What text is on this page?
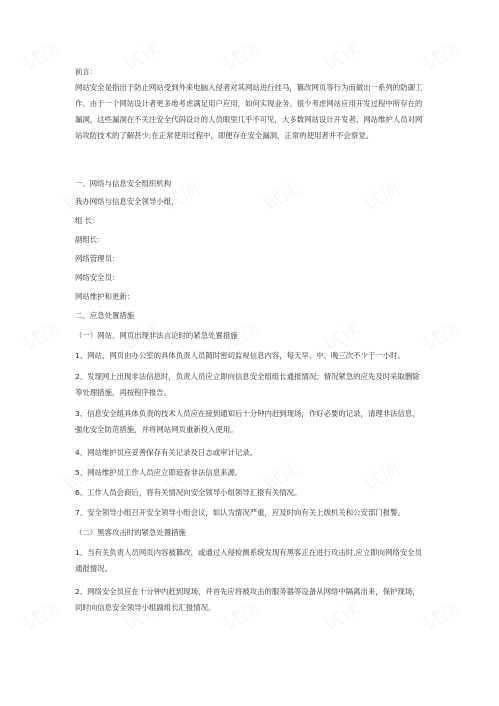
前言：
网站安全是指出于防止网站受到外来电脑入侵者对其网站进行挂马，篡改网页等行为而做出一系列的防御工作。由于一个网站设计者更多地考虑满足用户应用，如何实现业务。很少考虑网站应用开发过程中所存在的漏洞，这些漏洞在不关注安全代码设计的人员眼里几乎不可见，大多数网站设计开发者、网站维护人员对网站攻防技术的了解甚少;在正常使用过程中，即便存在安全漏洞，正常的使用者并不会察觉。
一、网络与信息安全组织机构
我办网络与信息安全领导小组，
组 长：
副组长：
网络管理员：
网络安全员：
网站维护和更新：
二、应急处置措施
（一）网站、网页出现非法言论时的紧急处置措施
1、网站、网页由办公室的具体负责人员随时密切监视信息内容，每天早、中、晚三次不少于一小时。
2、发现网上出现非法信息时，负责人员应立即向信息安全组组长通报情况；情况紧急的应先及时采取删除等处理措施，再按程序报告。
3、信息安全组具体负责的技术人员应在接到通知后十分钟内赶到现场，作好必要的记录，清理非法信息，强化安全防范措施，并将网站网页重新投入使用。
4、网站维护员应妥善保存有关记录及日志或审计记录。
5、网站维护员工作人员应立即追查非法信息来源。
6、工作人员会商后，将有关情况向安全领导小组领导汇报有关情况。
7、安全领导小组召开安全领导小组会议，如认为情况严重，应及时向有关上级机关和公安部门报警。
（二）黑客攻击时的紧急处置措施
1、当有关负责人员网页内容被篡改，或通过入侵检测系统发现有黑客正在进行攻击时,应立即向网络安全员通报情况。
2、网络安全员应在十分钟内赶到现场，并首先应将被攻击的服务器等设备从网络中隔离出来，保护现场，同时向信息安全领导小组副组长汇报情况。
